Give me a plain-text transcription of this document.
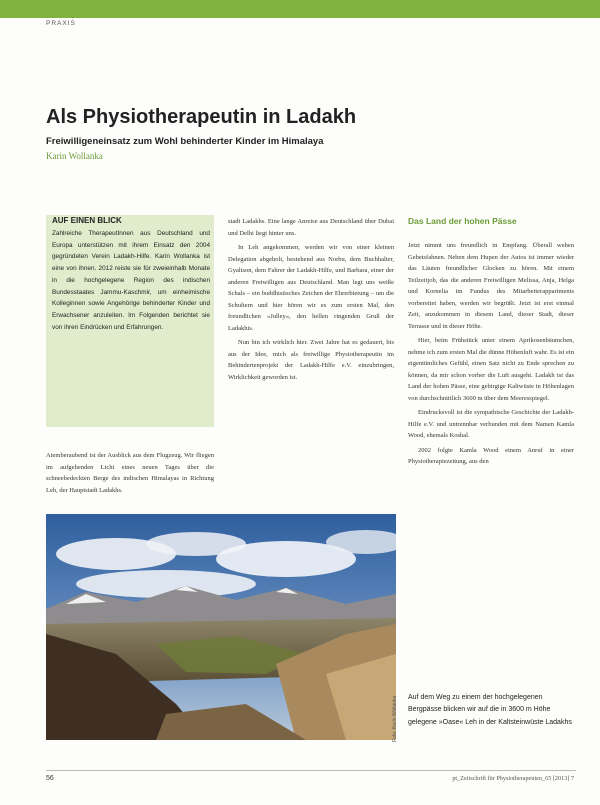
PRAXIS
Als Physiotherapeutin in Ladakh
Freiwilligeneinsatz zum Wohl behinderter Kinder im Himalaya
Karin Wollanka
AUF EINEN BLICK
Zahlreiche TherapeutInnen aus Deutschland und Europa unterstützen mit ihrem Einsatz den 2004 gegründeten Verein Ladakh-Hilfe. Karin Wollanka ist eine von ihnen. 2012 reiste sie für zweieinhalb Monate in die hochgelegene Region des indischen Bundesstaates Jammu-Kaschmir, um einheimische Kolleginnen sowie Angehörige behinderter Kinder und Erwachsener anzuleiten. Im Folgenden berichtet sie von ihren Eindrücken und Erfahrungen.

Atemberaubend ist der Ausblick aus dem Flugzeug. Wir fliegen im aufgehenden Licht eines neuen Tages über die schneebedeckten Berge des indischen Himalayas in Richtung Leh, der Hauptstadt Ladakhs.

stadt Ladakhs. Eine lange Anreise aus Deutschland über Dubai und Delhi liegt hinter uns.

In Leh angekommen, werden wir von einer kleinen Delegation abgeholt, bestehend aus Norbu, dem Buchhalter, Gyaltson, dem Fahrer der Ladakh-Hilfe, und Barbara, einer der anderen Freiwilligen aus Deutschland. Man legt uns weiße Schals – ein buddhistisches Zeichen der Ehrerbietung – um die Schultern und hier hören wir es zum ersten Mal, den freundlichen »Julley«, den hellen ringenden Gruß der Ladakhis.

Nun bin ich wirklich hier. Zwei Jahre hat es gedauert, bis aus der Idee, mich als freiwillige Physiotherapeutin im Behindertenprojekt der Ladakh-Hilfe e.V. einzubringen, Wirklichkeit geworden ist.

Das Land der hohen Pässe

Jetzt nimmt uns freundlich in Empfang. Überall wehen Gebetsfahnen. Neben dem Hupen der Autos ist immer wieder das Läuten freundlicher Glocken zu hören. Mit einem Teilzeitjob, das die anderen Freiwilligen Melissa, Anja, Helga und Kornelia im Fundus des Mitarbeiterappartments vorbereitet haben, werden wir begrüßt. Jetzt ist erst einmal Zeit, anzukommen in diesem Land, dieser Stadt, dieser Terrasse und in dieser Höhe.

Hier, beim Frühstück unter einem Aprikosenbäumchen, nehme ich zum ersten Mal die dünne Höhenluft wahr. Es ist ein eigentümliches Gefühl, einen Satz nicht zu Ende sprechen zu können, da mir schon vorher die Luft ausgeht. Ladakh ist das Land der hohen Pässe, eine gebirgige Kaltwüste in Höhenlagen von durchschnittlich 3600 m über dem Meeresspiegel.

Eindrucksvoll ist die sympathische Geschichte der Ladakh-Hilfe e.V. und untrennbar verbunden mit dem Namen Kamla Wood, ehemals Koshal.

2002 folgte Kamla Wood einem Anruf in einer Physiotherapiezeitung, aus den

Foto: Karin Wollanka Auf dem Weg zu einem der hochgelegenen Bergpässe blicken wir auf die in 3600 m Höhe gelegene »Oase« Leh in der Kaltsteinwüste Ladakhs
56	pt_Zeitschrift für Physiotherapeuten_65 [2013] 7
